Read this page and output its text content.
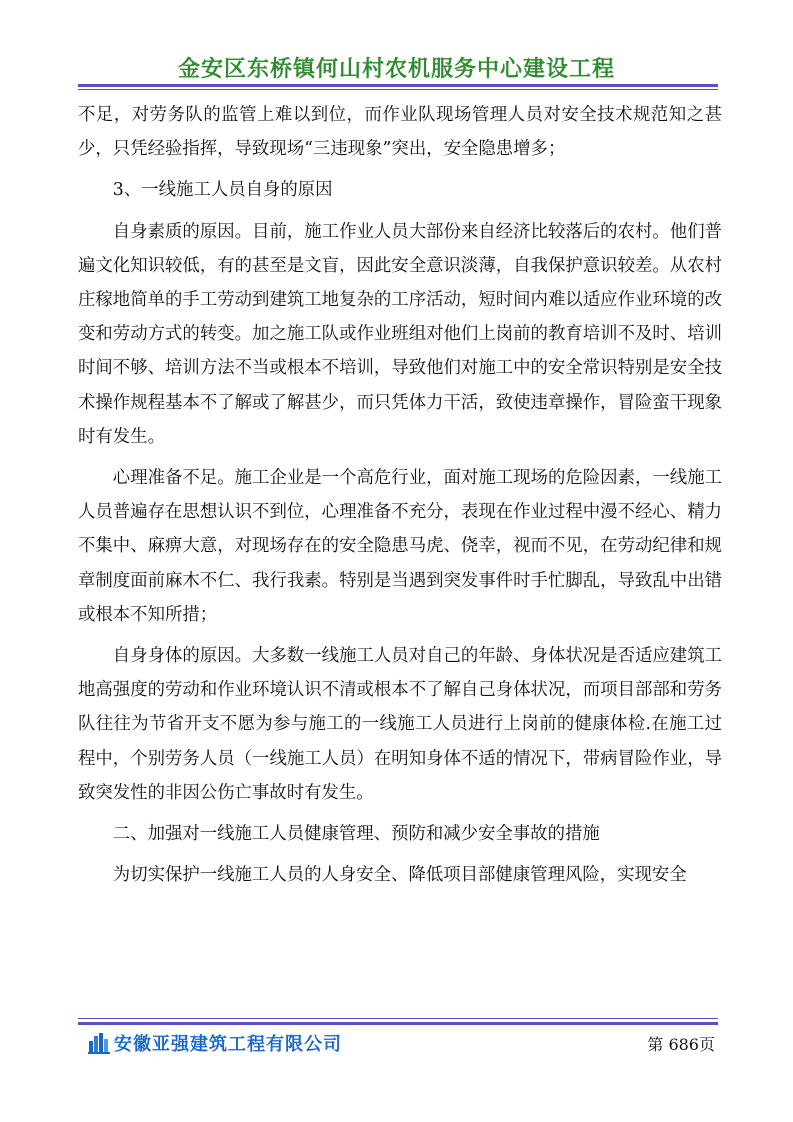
金安区东桥镇何山村农机服务中心建设工程

不足，对劳务队的监管上难以到位，而作业队现场管理人员对安全技术规范知之甚少，只凭经验指挥，导致现场“三违现象”突出，安全隐患增多；

3、一线施工人员自身的原因

自身素质的原因。目前，施工作业人员大部份来自经济比较落后的农村。他们普遍文化知识较低，有的甚至是文盲，因此安全意识淡薄，自我保护意识较差。从农村庄稼地简单的手工劳动到建筑工地复杂的工序活动，短时间内难以适应作业环境的改变和劳动方式的转变。加之施工队或作业班组对他们上岗前的教育培训不及时、培训时间不够、培训方法不当或根本不培训，导致他们对施工中的安全常识特别是安全技术操作规程基本不了解或了解甚少，而只凭体力干活，致使违章操作，冒险蛮干现象时有发生。

心理准备不足。施工企业是一个高危行业，面对施工现场的危险因素，一线施工人员普遍存在思想认识不到位，心理准备不充分，表现在作业过程中漫不经心、精力不集中、麻痹大意，对现场存在的安全隐患马虎、侥幸，视而不见，在劳动纪律和规章制度面前麻木不仁、我行我素。特别是当遇到突发事件时手忙脚乱，导致乱中出错或根本不知所措；

自身身体的原因。大多数一线施工人员对自己的年龄、身体状况是否适应建筑工地高强度的劳动和作业环境认识不清或根本不了解自己身体状况，而项目部部和劳务队往往为节省开支不愿为参与施工的一线施工人员进行上岗前的健康体检.在施工过程中，个别劳务人员（一线施工人员）在明知身体不适的情况下，带病冒险作业，导致突发性的非因公伤亡事故时有发生。

二、加强对一线施工人员健康管理、预防和减少安全事故的措施

为切实保护一线施工人员的人身安全、降低项目部健康管理风险，实现安全

安徽亚强建筑工程有限公司	第 686页
